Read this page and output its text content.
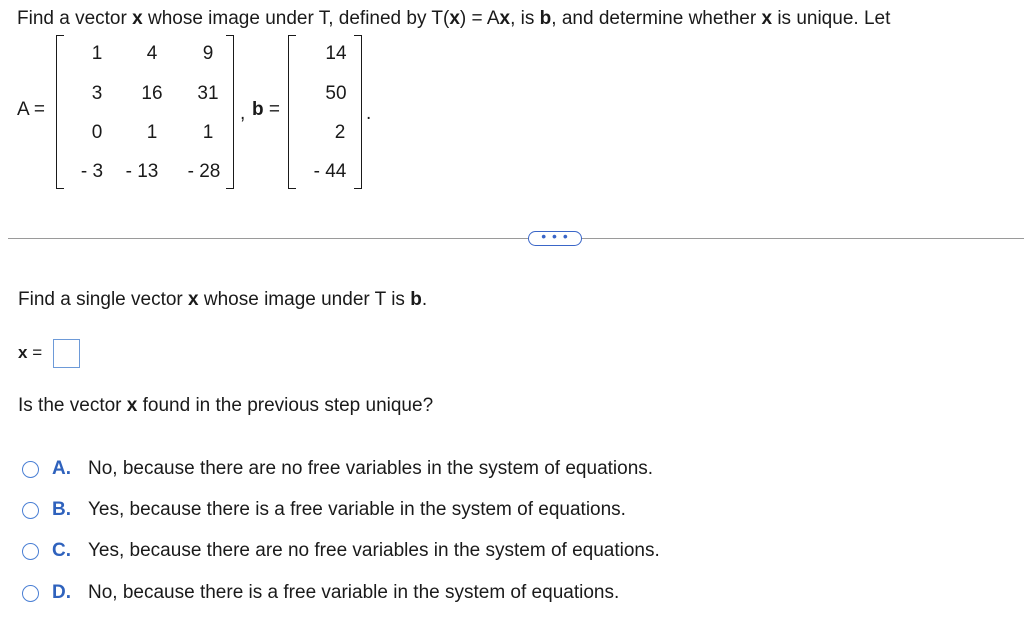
Find a vector x whose image under T, defined by T(x) = Ax, is b, and determine whether x is unique. Let
A =
1	4	9
3	16	31
0	1	1
- 3	- 13	- 28
, b =
14
50
2
- 44
.
• • •
Find a single vector x whose image under T is b.
x =
Is the vector x found in the previous step unique?
A. No, because there are no free variables in the system of equations.
B. Yes, because there is a free variable in the system of equations.
C. Yes, because there are no free variables in the system of equations.
D. No, because there is a free variable in the system of equations.
